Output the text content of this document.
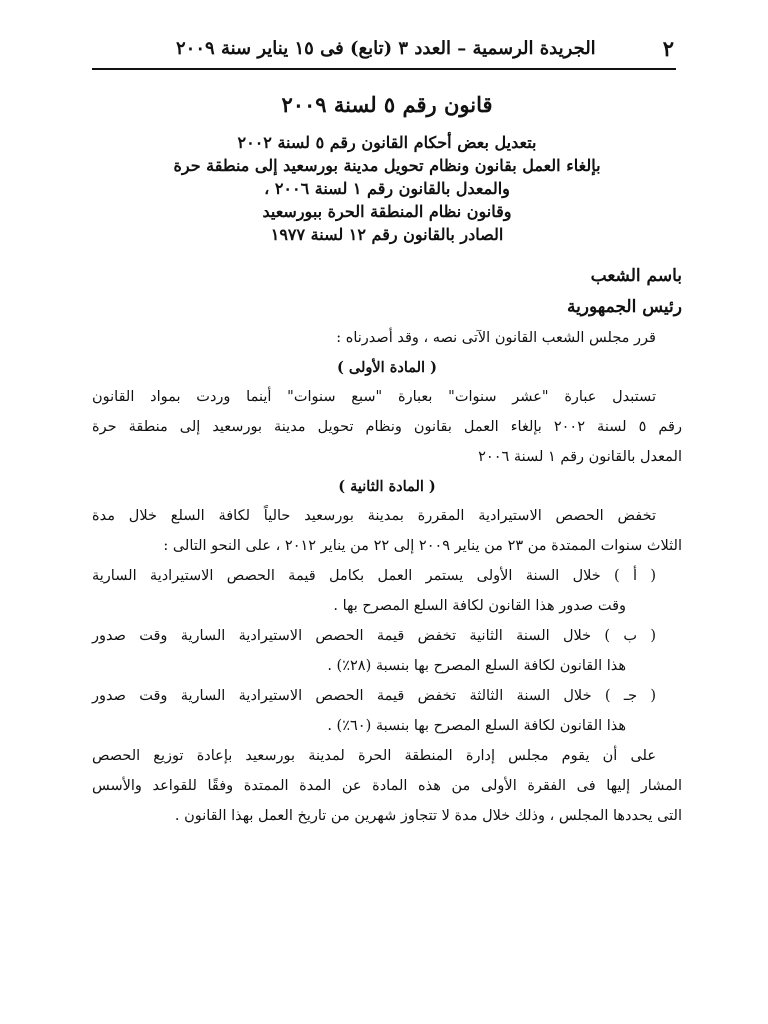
٢
الجريدة الرسمية – العدد ٣ (تابع) فى ١٥ يناير سنة ٢٠٠٩
قانون رقم ٥ لسنة ٢٠٠٩
بتعديل بعض أحكام القانون رقم ٥ لسنة ٢٠٠٢
بإلغاء العمل بقانون ونظام تحويل مدينة بورسعيد إلى منطقة حرة
والمعدل بالقانون رقم ١ لسنة ٢٠٠٦ ،
وقانون نظام المنطقة الحرة ببورسعيد
الصادر بالقانون رقم ١٢ لسنة ١٩٧٧
باسم الشعب
رئيس الجمهورية

قرر مجلس الشعب القانون الآتى نصه ، وقد أصدرناه :

( المادة الأولى )

تستبدل عبارة "عشر سنوات" بعبارة "سبع سنوات" أينما وردت بمواد القانون

رقم ٥ لسنة ٢٠٠٢ بإلغاء العمل بقانون ونظام تحويل مدينة بورسعيد إلى منطقة حرة

المعدل بالقانون رقم ١ لسنة ٢٠٠٦

( المادة الثانية )

تخفض الحصص الاستيرادية المقررة بمدينة بورسعيد حالياً لكافة السلع خلال مدة

الثلاث سنوات الممتدة من ٢٣ من يناير ٢٠٠٩ إلى ٢٢ من يناير ٢٠١٢ ، على النحو التالى :

( أ ) خلال السنة الأولى يستمر العمل بكامل قيمة الحصص الاستيرادية السارية

وقت صدور هذا القانون لكافة السلع المصرح بها .

( ب ) خلال السنة الثانية تخفض قيمة الحصص الاستيرادية السارية وقت صدور

هذا القانون لكافة السلع المصرح بها بنسبة (٢٨٪) .

( جـ ) خلال السنة الثالثة تخفض قيمة الحصص الاستيرادية السارية وقت صدور

هذا القانون لكافة السلع المصرح بها بنسبة (٦٠٪) .

على أن يقوم مجلس إدارة المنطقة الحرة لمدينة بورسعيد بإعادة توزيع الحصص

المشار إليها فى الفقرة الأولى من هذه المادة عن المدة الممتدة وفقًا للقواعد والأسس

التى يحددها المجلس ، وذلك خلال مدة لا تتجاوز شهرين من تاريخ العمل بهذا القانون .
